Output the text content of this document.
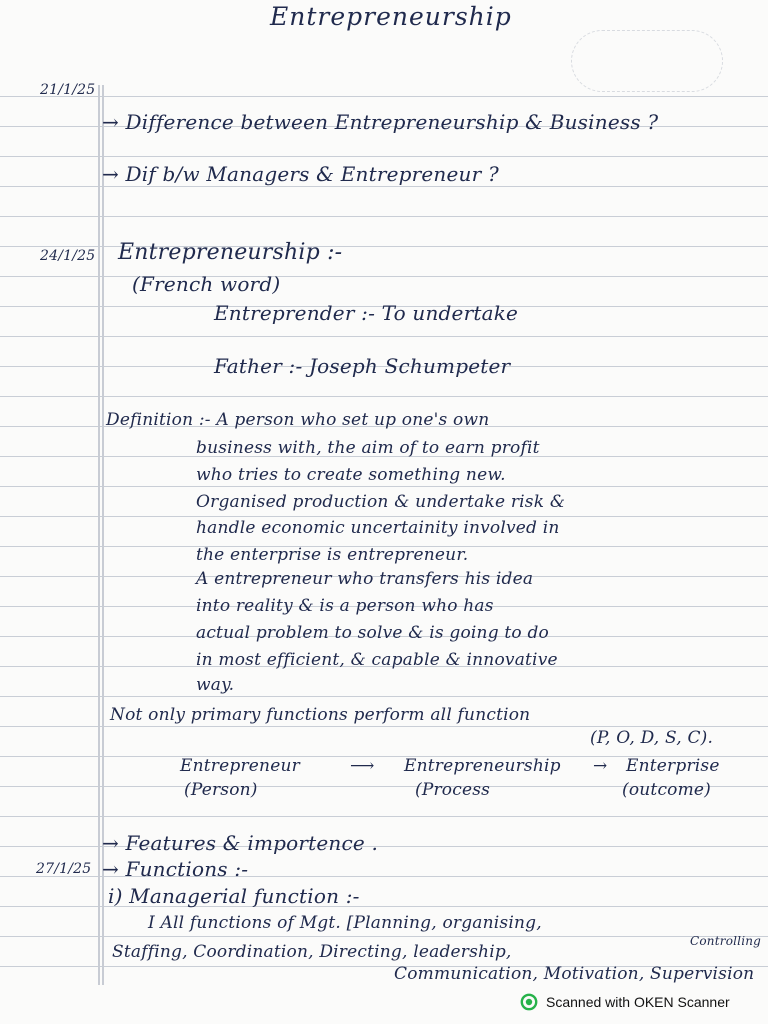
Entrepreneurship
21/1/25
→ Difference between Entrepreneurship & Business ?
→ Dif b/w Managers & Entrepreneur ?
24/1/25 Entrepreneurship :-
(French word)
Entreprender :- To undertake
Father :- Joseph Schumpeter
Definition :- A person who set up one's own
business with, the aim of to earn profit
who tries to create something new.
Organised production & undertake risk &
handle economic uncertainity involved in
the enterprise is entrepreneur.
A entrepreneur who transfers his idea
into reality & is a person who has
actual problem to solve & is going to do
in most efficient, & capable & innovative
way.
Not only primary functions perform all function
(P, O, D, S, C).
Entrepreneur	⟶ Entrepreneurship → Enterprise
(Person)	(Process	(outcome)
→ Features & importence .
27/1/25 → Functions :-
i) Managerial function :-
I All functions of Mgt. [Planning, organising,
Staffing, Coordination, Directing, leadership,
Controlling
Communication, Motivation, Supervision
Scanned with OKEN Scanner
